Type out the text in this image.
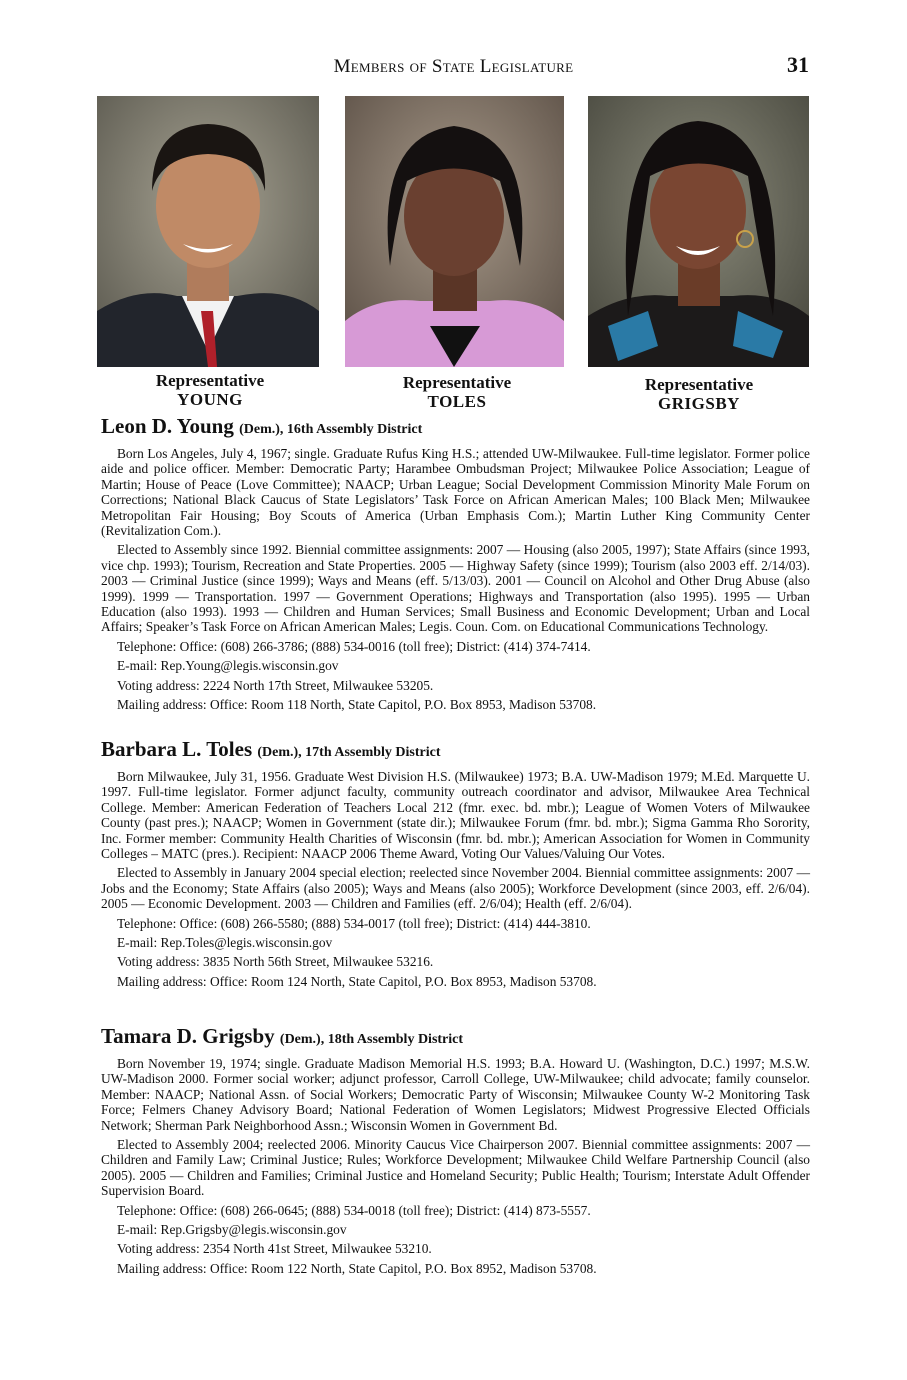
Members of State Legislature	31
Representative
YOUNG
Representative
TOLES
Representative
GRIGSBY
Leon D. Young (Dem.), 16th Assembly District

Born Los Angeles, July 4, 1967; single. Graduate Rufus King H.S.; attended UW-Milwaukee. Full-time legislator. Former police aide and police officer. Member: Democratic Party; Harambee Ombudsman Project; Milwaukee Police Association; League of Martin; House of Peace (Love Committee); NAACP; Urban League; Social Development Commission Minority Male Forum on Corrections; National Black Caucus of State Legislators’ Task Force on African American Males; 100 Black Men; Milwaukee Metropolitan Fair Housing; Boy Scouts of America (Urban Emphasis Com.); Martin Luther King Community Center (Revitalization Com.).

Elected to Assembly since 1992. Biennial committee assignments: 2007 — Housing (also 2005, 1997); State Affairs (since 1993, vice chp. 1993); Tourism, Recreation and State Properties. 2005 — Highway Safety (since 1999); Tourism (also 2003 eff. 2/14/03). 2003 — Criminal Justice (since 1999); Ways and Means (eff. 5/13/03). 2001 — Council on Alcohol and Other Drug Abuse (also 1999). 1999 — Transportation. 1997 — Government Operations; Highways and Transportation (also 1995). 1995 — Urban Education (also 1993). 1993 — Children and Human Services; Small Business and Economic Development; Urban and Local Affairs; Speaker’s Task Force on African American Males; Legis. Coun. Com. on Educational Communications Technology.

Telephone: Office: (608) 266-3786; (888) 534-0016 (toll free); District: (414) 374-7414.

E-mail: Rep.Young@legis.wisconsin.gov

Voting address: 2224 North 17th Street, Milwaukee 53205.

Mailing address: Office: Room 118 North, State Capitol, P.O. Box 8953, Madison 53708.

Barbara L. Toles (Dem.), 17th Assembly District

Born Milwaukee, July 31, 1956. Graduate West Division H.S. (Milwaukee) 1973; B.A. UW-Madison 1979; M.Ed. Marquette U. 1997. Full-time legislator. Former adjunct faculty, community outreach coordinator and advisor, Milwaukee Area Technical College. Member: American Federation of Teachers Local 212 (fmr. exec. bd. mbr.); League of Women Voters of Milwaukee County (past pres.); NAACP; Women in Government (state dir.); Milwaukee Forum (fmr. bd. mbr.); Sigma Gamma Rho Sorority, Inc. Former member: Community Health Charities of Wisconsin (fmr. bd. mbr.); American Association for Women in Community Colleges – MATC (pres.). Recipient: NAACP 2006 Theme Award, Voting Our Values/Valuing Our Votes.

Elected to Assembly in January 2004 special election; reelected since November 2004. Biennial committee assignments: 2007 — Jobs and the Economy; State Affairs (also 2005); Ways and Means (also 2005); Workforce Development (since 2003, eff. 2/6/04). 2005 — Economic Development. 2003 — Children and Families (eff. 2/6/04); Health (eff. 2/6/04).

Telephone: Office: (608) 266-5580; (888) 534-0017 (toll free); District: (414) 444-3810.

E-mail: Rep.Toles@legis.wisconsin.gov

Voting address: 3835 North 56th Street, Milwaukee 53216.

Mailing address: Office: Room 124 North, State Capitol, P.O. Box 8953, Madison 53708.

Tamara D. Grigsby (Dem.), 18th Assembly District

Born November 19, 1974; single. Graduate Madison Memorial H.S. 1993; B.A. Howard U. (Washington, D.C.) 1997; M.S.W. UW-Madison 2000. Former social worker; adjunct professor, Carroll College, UW-Milwaukee; child advocate; family counselor. Member: NAACP; National Assn. of Social Workers; Democratic Party of Wisconsin; Milwaukee County W-2 Monitoring Task Force; Felmers Chaney Advisory Board; National Federation of Women Legislators; Midwest Progressive Elected Officials Network; Sherman Park Neighborhood Assn.; Wisconsin Women in Government Bd.

Elected to Assembly 2004; reelected 2006. Minority Caucus Vice Chairperson 2007. Biennial committee assignments: 2007 — Children and Family Law; Criminal Justice; Rules; Workforce Development; Milwaukee Child Welfare Partnership Council (also 2005). 2005 — Children and Families; Criminal Justice and Homeland Security; Public Health; Tourism; Interstate Adult Offender Supervision Board.

Telephone: Office: (608) 266-0645; (888) 534-0018 (toll free); District: (414) 873-5557.

E-mail: Rep.Grigsby@legis.wisconsin.gov

Voting address: 2354 North 41st Street, Milwaukee 53210.

Mailing address: Office: Room 122 North, State Capitol, P.O. Box 8952, Madison 53708.
